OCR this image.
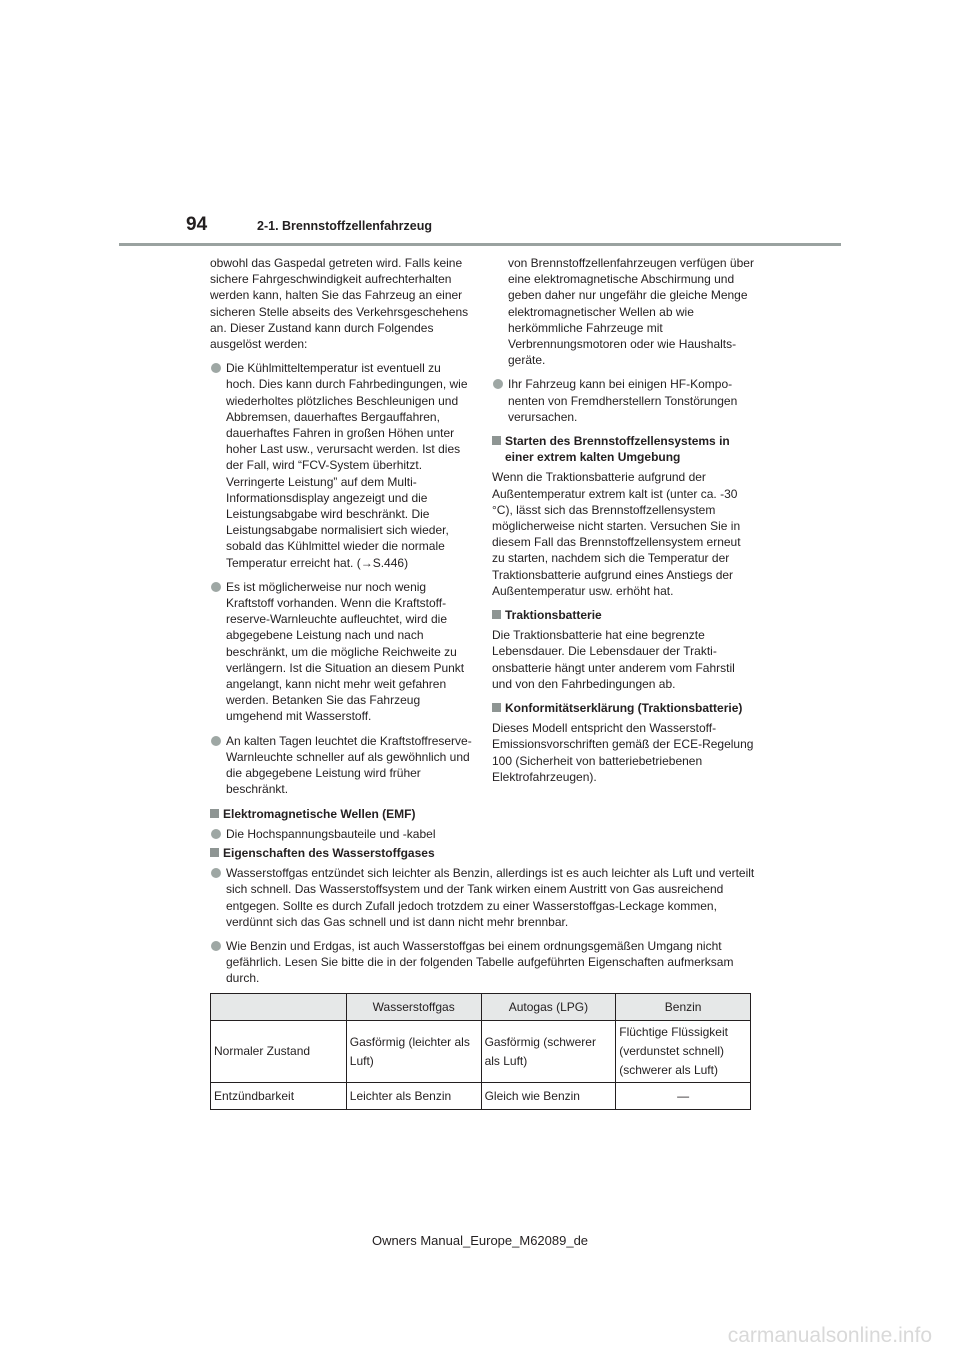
94	2-1. Brennstoffzellenfahrzeug

obwohl das Gaspedal getreten wird. Falls keine sichere Fahrgeschwindigkeit aufrechterhalten werden kann, halten Sie das Fahrzeug an einer sicheren Stelle abseits des Verkehrsgeschehens an. Dieser Zustand kann durch Folgendes ausgelöst werden:

Die Kühlmitteltemperatur ist eventuell zu hoch. Dies kann durch Fahrbedingungen, wie wiederholtes plötzliches Beschleunigen und Abbremsen, dauerhaftes Bergauffahren, dauerhaftes Fahren in großen Höhen unter hoher Last usw., verursacht werden. Ist dies der Fall, wird “FCV-System überhitzt. Verringerte Leistung” auf dem Multi-Informationsdisplay angezeigt und die Leistungsabgabe wird beschränkt. Die Leistungsabgabe normalisiert sich wieder, sobald das Kühlmittel wieder die normale Temperatur erreicht hat. (→S.446)
Es ist möglicherweise nur noch wenig Kraftstoff vorhanden. Wenn die Kraftstoffreserve-Warnleuchte aufleuchtet, wird die abgegebene Leistung nach und nach beschränkt, um die mögliche Reichweite zu verlängern. Ist die Situation an diesem Punkt angelangt, kann nicht mehr weit gefahren werden. Betanken Sie das Fahrzeug umgehend mit Wasserstoff.
An kalten Tagen leuchtet die Kraftstoffreserve-Warnleuchte schneller auf als gewöhnlich und die abgegebene Leistung wird früher beschränkt.
Elektromagnetische Wellen (EMF)
Die Hochspannungsbauteile und -kabel

von Brennstoffzellenfahrzeugen verfügen über eine elektromagnetische Abschirmung und geben daher nur ungefähr die gleiche Menge elektromagnetischer Wellen ab wie herkömmliche Fahrzeuge mit Verbrennungsmotoren oder wie Haushaltsgeräte.

Ihr Fahrzeug kann bei einigen HF-Komponenten von Fremdherstellern Tonstörungen verursachen.
Starten des Brennstoffzellensystems in einer extrem kalten Umgebung

Wenn die Traktionsbatterie aufgrund der Außentemperatur extrem kalt ist (unter ca. -30 °C), lässt sich das Brennstoffzellensystem möglicherweise nicht starten. Versuchen Sie in diesem Fall das Brennstoffzellensystem erneut zu starten, nachdem sich die Temperatur der Traktionsbatterie aufgrund eines Anstiegs der Außentemperatur usw. erhöht hat.

Traktionsbatterie

Die Traktionsbatterie hat eine begrenzte Lebensdauer. Die Lebensdauer der Traktionsbatterie hängt unter anderem vom Fahrstil und von den Fahrbedingungen ab.

Konformitätserklärung (Traktionsbatterie)

Dieses Modell entspricht den Wasserstoff-Emissionsvorschriften gemäß der ECE-Regelung 100 (Sicherheit von batteriebetriebenen Elektrofahrzeugen).

Eigenschaften des Wasserstoffgases
Wasserstoffgas entzündet sich leichter als Benzin, allerdings ist es auch leichter als Luft und verteilt sich schnell. Das Wasserstoffsystem und der Tank wirken einem Austritt von Gas ausreichend entgegen. Sollte es durch Zufall jedoch trotzdem zu einer Wasserstoffgas-Leckage kommen, verdünnt sich das Gas schnell und ist dann nicht mehr brennbar.
Wie Benzin und Erdgas, ist auch Wasserstoffgas bei einem ordnungsgemäßen Umgang nicht gefährlich. Lesen Sie bitte die in der folgenden Tabelle aufgeführten Eigenschaften aufmerksam durch.
	Wasserstoffgas	Autogas (LPG)	Benzin
Normaler Zustand	Gasförmig (leichter als Luft)	Gasförmig (schwerer als Luft)	Flüchtige Flüssigkeit (verdunstet schnell) (schwerer als Luft)
Entzündbarkeit	Leichter als Benzin	Gleich wie Benzin	—
Owners Manual_Europe_M62089_de
carmanualsonline.info
